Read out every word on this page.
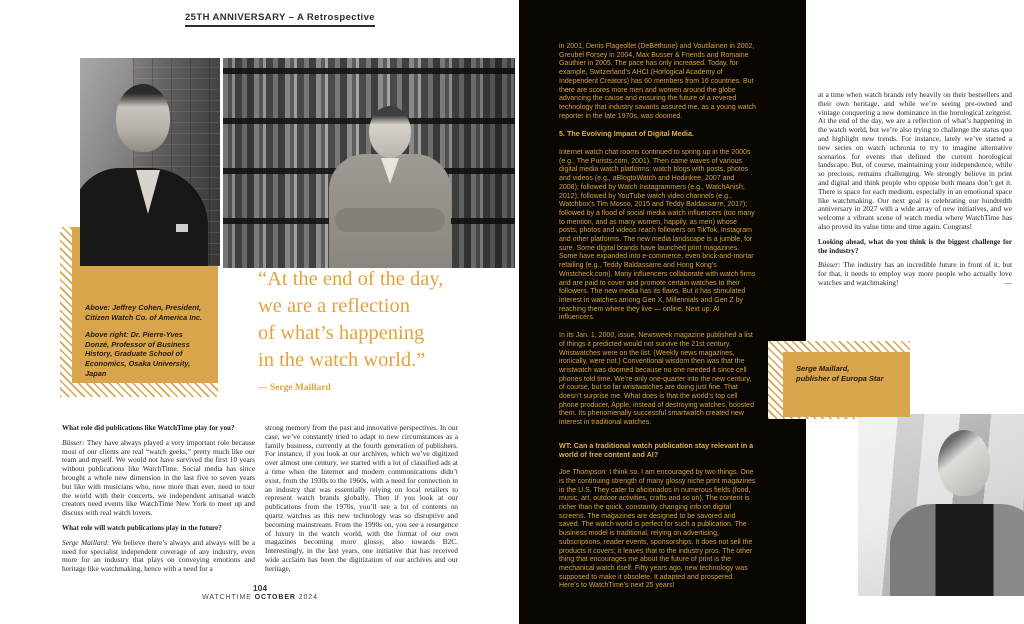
25TH ANNIVERSARY – A Retrospective

Above: Jeffrey Cohen, President, Citizen Watch Co. of America Inc.

Above right: Dr. Pierre-Yves Donzé, Professor of Business History, Graduate School of Economics, Osaka University, Japan

“At the end of the day,
we are a reflection
of what’s happening
in the watch world.”
— Serge Maillard

What role did publications like WatchTime play for you?

Büsser: They have always played a very important role because most of our clients are real “watch geeks,” pretty much like our team and myself. We would not have survived the first 10 years without publications like WatchTime. Social media has since brought a whole new dimension in the last five to seven years but like with musicians who, now more than ever, need to tour the world with their concerts, we independent artisanal watch creators need events like WatchTime New York to meet up and discuss with real watch lovers.

What role will watch publications play in the future?

Serge Maillard: We believe there’s always and always will be a need for specialist independent coverage of any industry, even more for an industry that plays on conveying emotions and heritage like watchmaking, hence with a need for a

strong memory from the past and innovative perspectives. In our case, we’ve constantly tried to adapt to new circumstances as a family business, currently at the fourth generation of publishers. For instance, if you look at our archives, which we’ve digitized over almost one century, we started with a lot of classified ads at a time when the Internet and modern communications didn’t exist, from the 1930s to the 1960s, with a need for connection in an industry that was essentially relying on local retailers to represent watch brands globally. Then if you look at our publications from the 1970s, you’ll see a lot of contents on quartz watches as this new technology was so disruptive and becoming mainstream. From the 1990s on, you see a resurgence of luxury in the watch world, with the format of our own magazines becoming more glossy, also towards B2C. Interestingly, in the last years, one initiative that has received wide acclaim has been the digitization of our archives and our heritage,

104
WATCHTIME OCTOBER 2024

in 2001, Denis Flageollet (DeBethune) and Voutilainen in 2002, Greubel Forsey in 2004, Max Busser & Friends and Romaine Gauthier in 2005. The pace has only increased. Today, for example, Switzerland’s AHCI (Horlogical Academy of Independent Creators) has 60 members from 16 countries. But there are scores more men and women around the globe advancing the cause and ensuring the future of a revered technology that industry savants assured me, as a young watch reporter in the late 1970s, was doomed.

5. The Evolving Impact of Digital Media.

Internet watch chat rooms continued to spring up in the 2000s (e.g., The Purists.com, 2001). Then came waves of various digital media watch platforms: watch blogs with posts, photos and videos (e.g., aBlogtoWatch and Hodinkee, 2007 and 2008); followed by Watch Instagrammers (e.g., WatchAnish, 2012); followed by YouTube watch video channels (e.g., Watchbox’s Tim Mosso, 2015 and Teddy Baldassarre, 2017); followed by a flood of social media watch influencers (too many to mention, and as many women, happily, as men) whose posts, photos and videos reach followers on TikTok, Instagram and other platforms. The new media landscape is a jumble, for sure. Some digital brands have launched print magazines. Some have expanded into e-commerce, even brick-and-mortar retailing (e.g., Teddy Baldassarre and Hong Kong’s Wristcheck.com). Many influencers collaborate with watch firms and are paid to cover and promote certain watches to their followers. The new media has its flaws. But it has stimulated interest in watches among Gen X, Millennials and Gen Z by reaching them where they live — online. Next up: AI influencers.

In its Jan. 1, 2000, issue, Newsweek magazine published a list of things it predicted would not survive the 21st century. Wristwatches were on the list. (Weekly news magazines, ironically, were not.) Conventional wisdom then was that the wristwatch was doomed because no one needed it since cell phones told time. We’re only one-quarter into the new century, of course, but so far wristwatches are doing just fine. That doesn’t surprise me. What does is that the world’s top cell phone producer, Apple, instead of destroying watches, boosted them. Its phenomenally successful smartwatch created new interest in traditional watches.

WT: Can a traditional watch publication stay relevant in a world of free content and AI?

Joe Thompson: I think so. I am encouraged by two things. One is the continuing strength of many glossy niche print magazines in the U.S. They cater to aficionados in numerous fields (food, music, art, outdoor activities, crafts and so on). The content is richer than the quick, constantly changing info on digital screens. The magazines are designed to be savored and saved. The watch world is perfect for such a publication. The business model is traditional, relying on advertising, subscriptions, reader events, sponsorships. It does not sell the products it covers; it leaves that to the industry pros. The other thing that encourages me about the future of print is the mechanical watch itself. Fifty years ago, new technology was supposed to make it obsolete. It adapted and prospered. Here’s to WatchTime’s next 25 years!

at a time when watch brands rely heavily on their bestsellers and their own heritage, and while we’re seeing pre-owned and vintage conquering a new dominance in the horological zeitgeist. At the end of the day, we are a reflection of what’s happening in the watch world, but we’re also trying to challenge the status quo and highlight new trends. For instance, lately we’ve started a new series on watch uchronia to try to imagine alternative scenarios for events that defined the current horological landscape. But, of course, maintaining your independence, while so precious, remains challenging. We strongly believe in print and digital and think people who oppose both means don’t get it. There is space for each medium, especially in an emotional space like watchmaking. Our next goal is celebrating our hundredth anniversary in 2027 with a wide array of new initiatives, and we welcome a vibrant scene of watch media where WatchTime has also proved its value time and time again. Congrats!

Looking ahead, what do you think is the biggest challenge for the industry?

Büsser: The industry has an incredible future in front of it, but for that, it needs to employ way more people who actually love watches and watchmaking!	—

Serge Maillard,

publisher of Europa Star
